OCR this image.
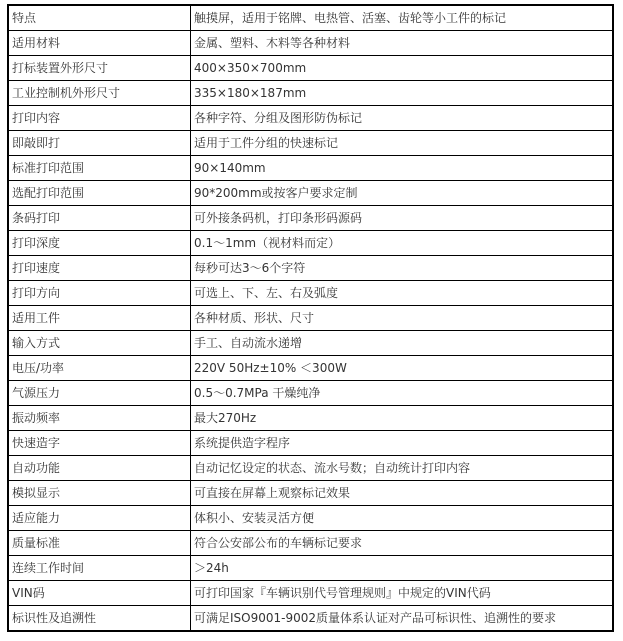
特点	触摸屏，适用于铭牌、电热管、活塞、齿轮等小工件的标记
适用材料	金属、塑料、木料等各种材料
打标装置外形尺寸	400×350×700mm
工业控制机外形尺寸	335×180×187mm
打印内容	各种字符、分组及图形防伪标记
即敲即打	适用于工件分组的快速标记
标准打印范围	90×140mm
选配打印范围	90*200mm或按客户要求定制
条码打印	可外接条码机，打印条形码源码
打印深度	0.1～1mm（视材料而定）
打印速度	每秒可达3～6个字符
打印方向	可选上、下、左、右及弧度
适用工件	各种材质、形状、尺寸
输入方式	手工、自动流水递增
电压/功率	220V 50Hz±10% ＜300W
气源压力	0.5～0.7MPa 干燥纯净
振动频率	最大270Hz
快速造字	系统提供造字程序
自动功能	自动记忆设定的状态、流水号数；自动统计打印内容
模拟显示	可直接在屏幕上观察标记效果
适应能力	体积小、安装灵活方便
质量标准	符合公安部公布的车辆标记要求
连续工作时间	＞24h
VIN码	可打印国家『车辆识别代号管理规则』中规定的VIN代码
标识性及追溯性	可满足ISO9001-9002质量体系认证对产品可标识性、追溯性的要求
